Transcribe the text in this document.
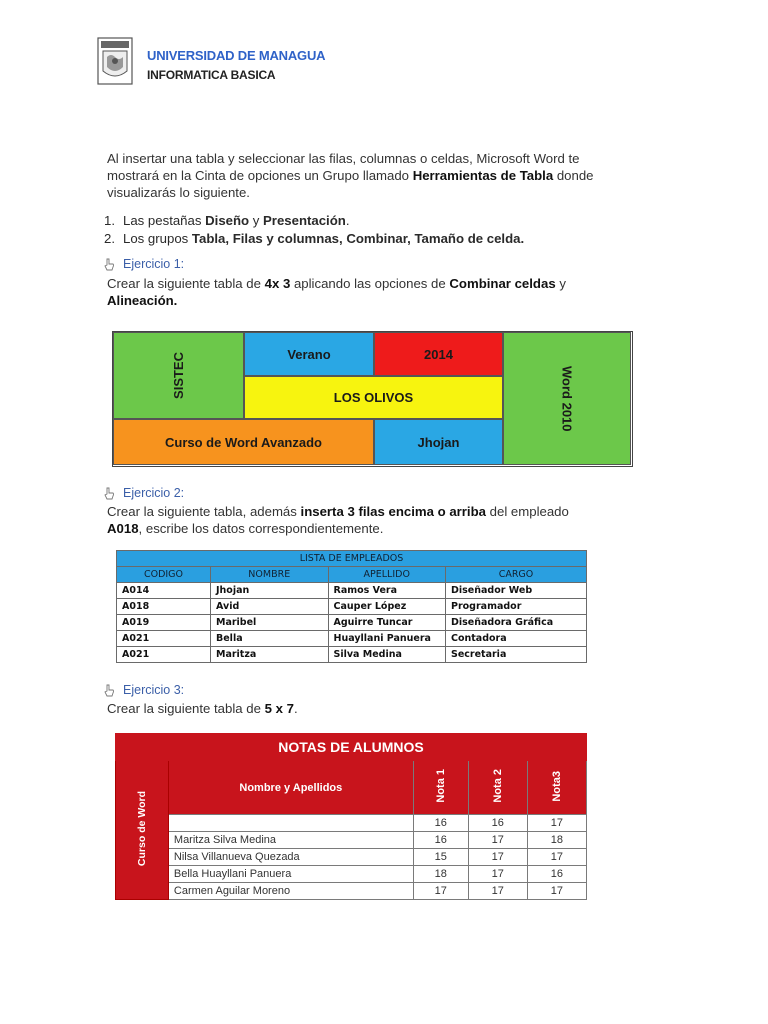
UNIVERSIDAD DE MANAGUA
INFORMATICA BASICA
Al insertar una tabla y seleccionar las filas, columnas o celdas, Microsoft Word te mostrará en la Cinta de opciones un Grupo llamado Herramientas de Tabla donde visualizarás lo siguiente.
1. Las pestañas Diseño y Presentación.
2. Los grupos Tabla, Filas y columnas, Combinar, Tamaño de celda.
Ejercicio 1:
Crear la siguiente tabla de 4x 3 aplicando las opciones de Combinar celdas y Alineación.
SISTEC	Verano	2014
Word 2010
LOS OLIVOS
Curso de Word Avanzado	Jhojan
Ejercicio 2:
Crear la siguiente tabla, además inserta 3 filas encima o arriba del empleado A018, escribe los datos correspondientemente.
LISTA DE EMPLEADOS			
CODIGO	NOMBRE	APELLIDO	CARGO
A014	Jhojan	Ramos Vera	Diseñador Web
A018	Avid	Cauper López	Programador
A019	Maribel	Aguirre Tuncar	Diseñadora Gráfica
A021	Bella	Huayllani Panuera	Contadora
A021	Maritza	Silva Medina	Secretaria
Ejercicio 3:
Crear la siguiente tabla de 5 x 7.
NOTAS DE ALUMNOS				
Curso de Word	Nombre y Apellidos	Nota 1	Nota 2	Nota3
		16	16	17
	Maritza Silva Medina	16	17	18
	Nilsa Villanueva Quezada	15	17	17
	Bella Huayllani Panuera	18	17	16
	Carmen Aguilar Moreno	17	17	17
